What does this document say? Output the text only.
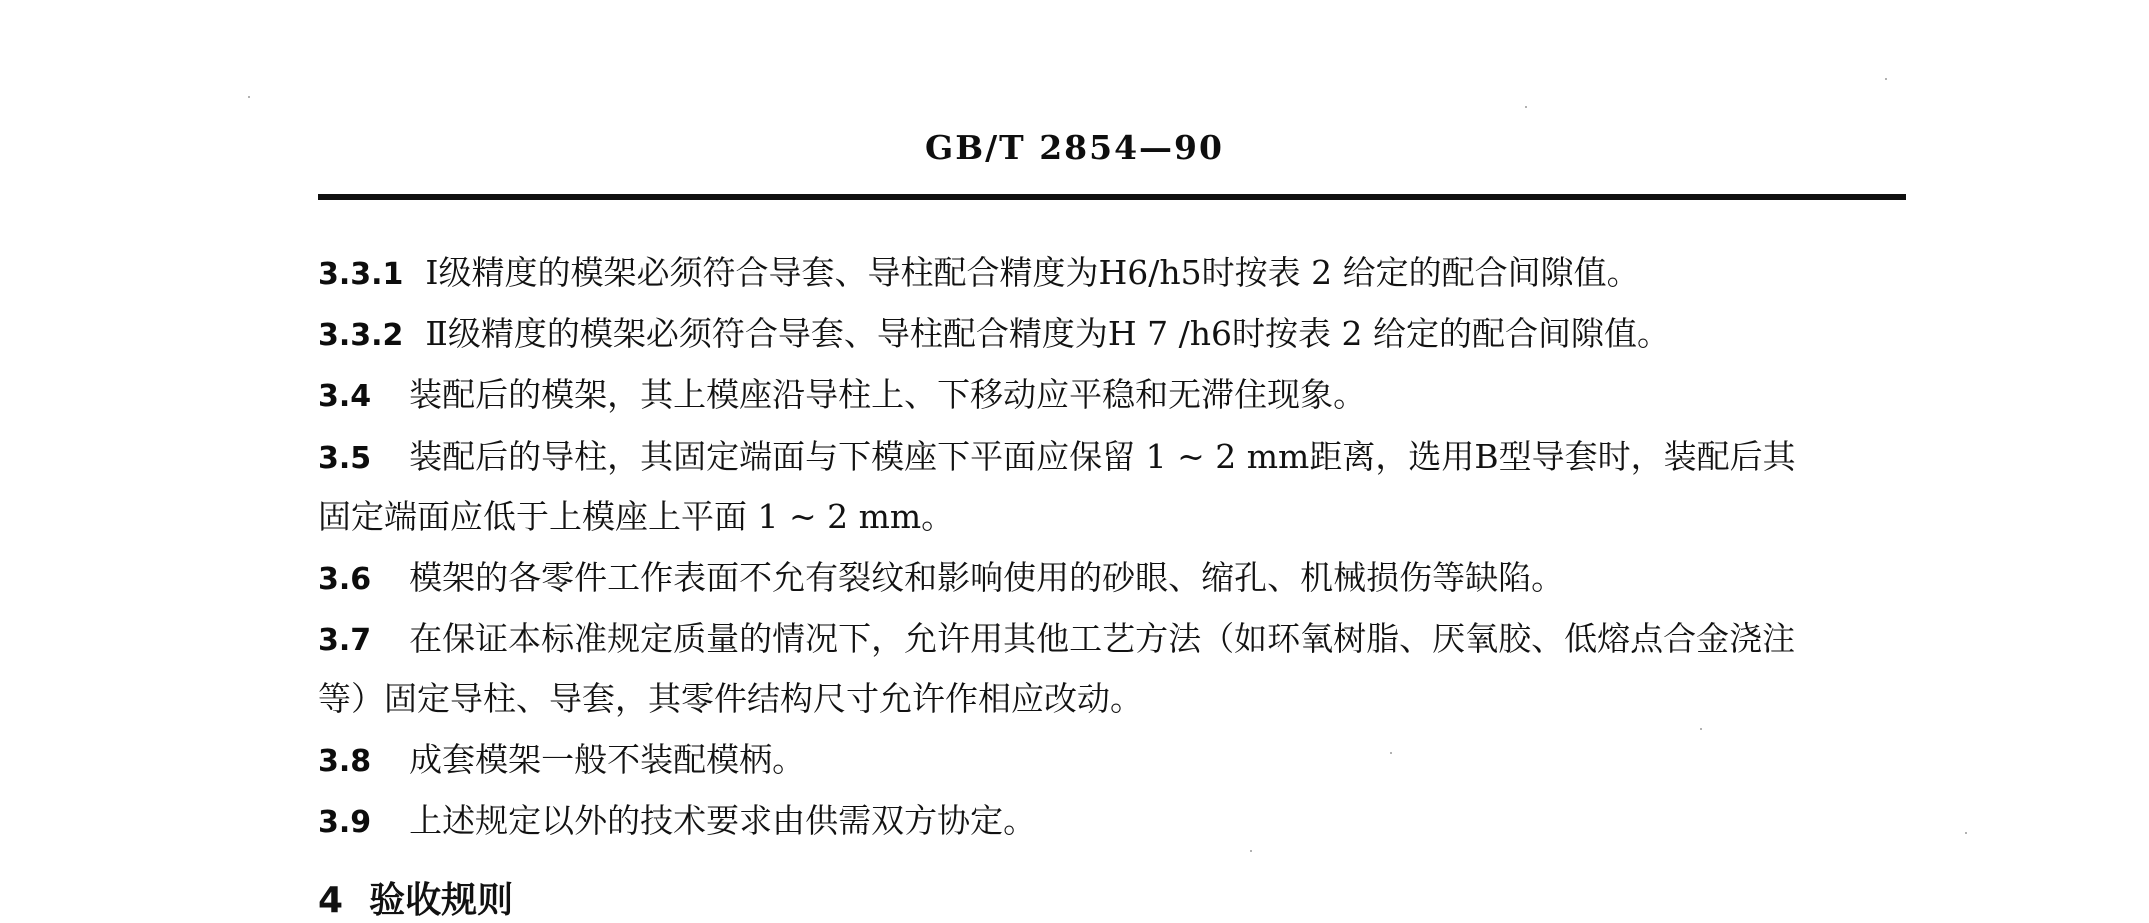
GB/T 2854—90
3.3.1 Ⅰ级精度的模架必须符合导套、导柱配合精度为H6/h5时按表 2 给定的配合间隙值。
3.3.2 Ⅱ级精度的模架必须符合导套、导柱配合精度为H 7 /h6时按表 2 给定的配合间隙值。
3.4 装配后的模架，其上模座沿导柱上、下移动应平稳和无滞住现象。
3.5 装配后的导柱，其固定端面与下模座下平面应保留 1 ~ 2 mm距离，选用B型导套时，装配后其
固定端面应低于上模座上平面 1 ~ 2 mm。
3.6 模架的各零件工作表面不允有裂纹和影响使用的砂眼、缩孔、机械损伤等缺陷。
3.7 在保证本标准规定质量的情况下，允许用其他工艺方法（如环氧树脂、厌氧胶、低熔点合金浇注
等）固定导柱、导套，其零件结构尺寸允许作相应改动。
3.8 成套模架一般不装配模柄。
3.9 上述规定以外的技术要求由供需双方协定。
4 验收规则
